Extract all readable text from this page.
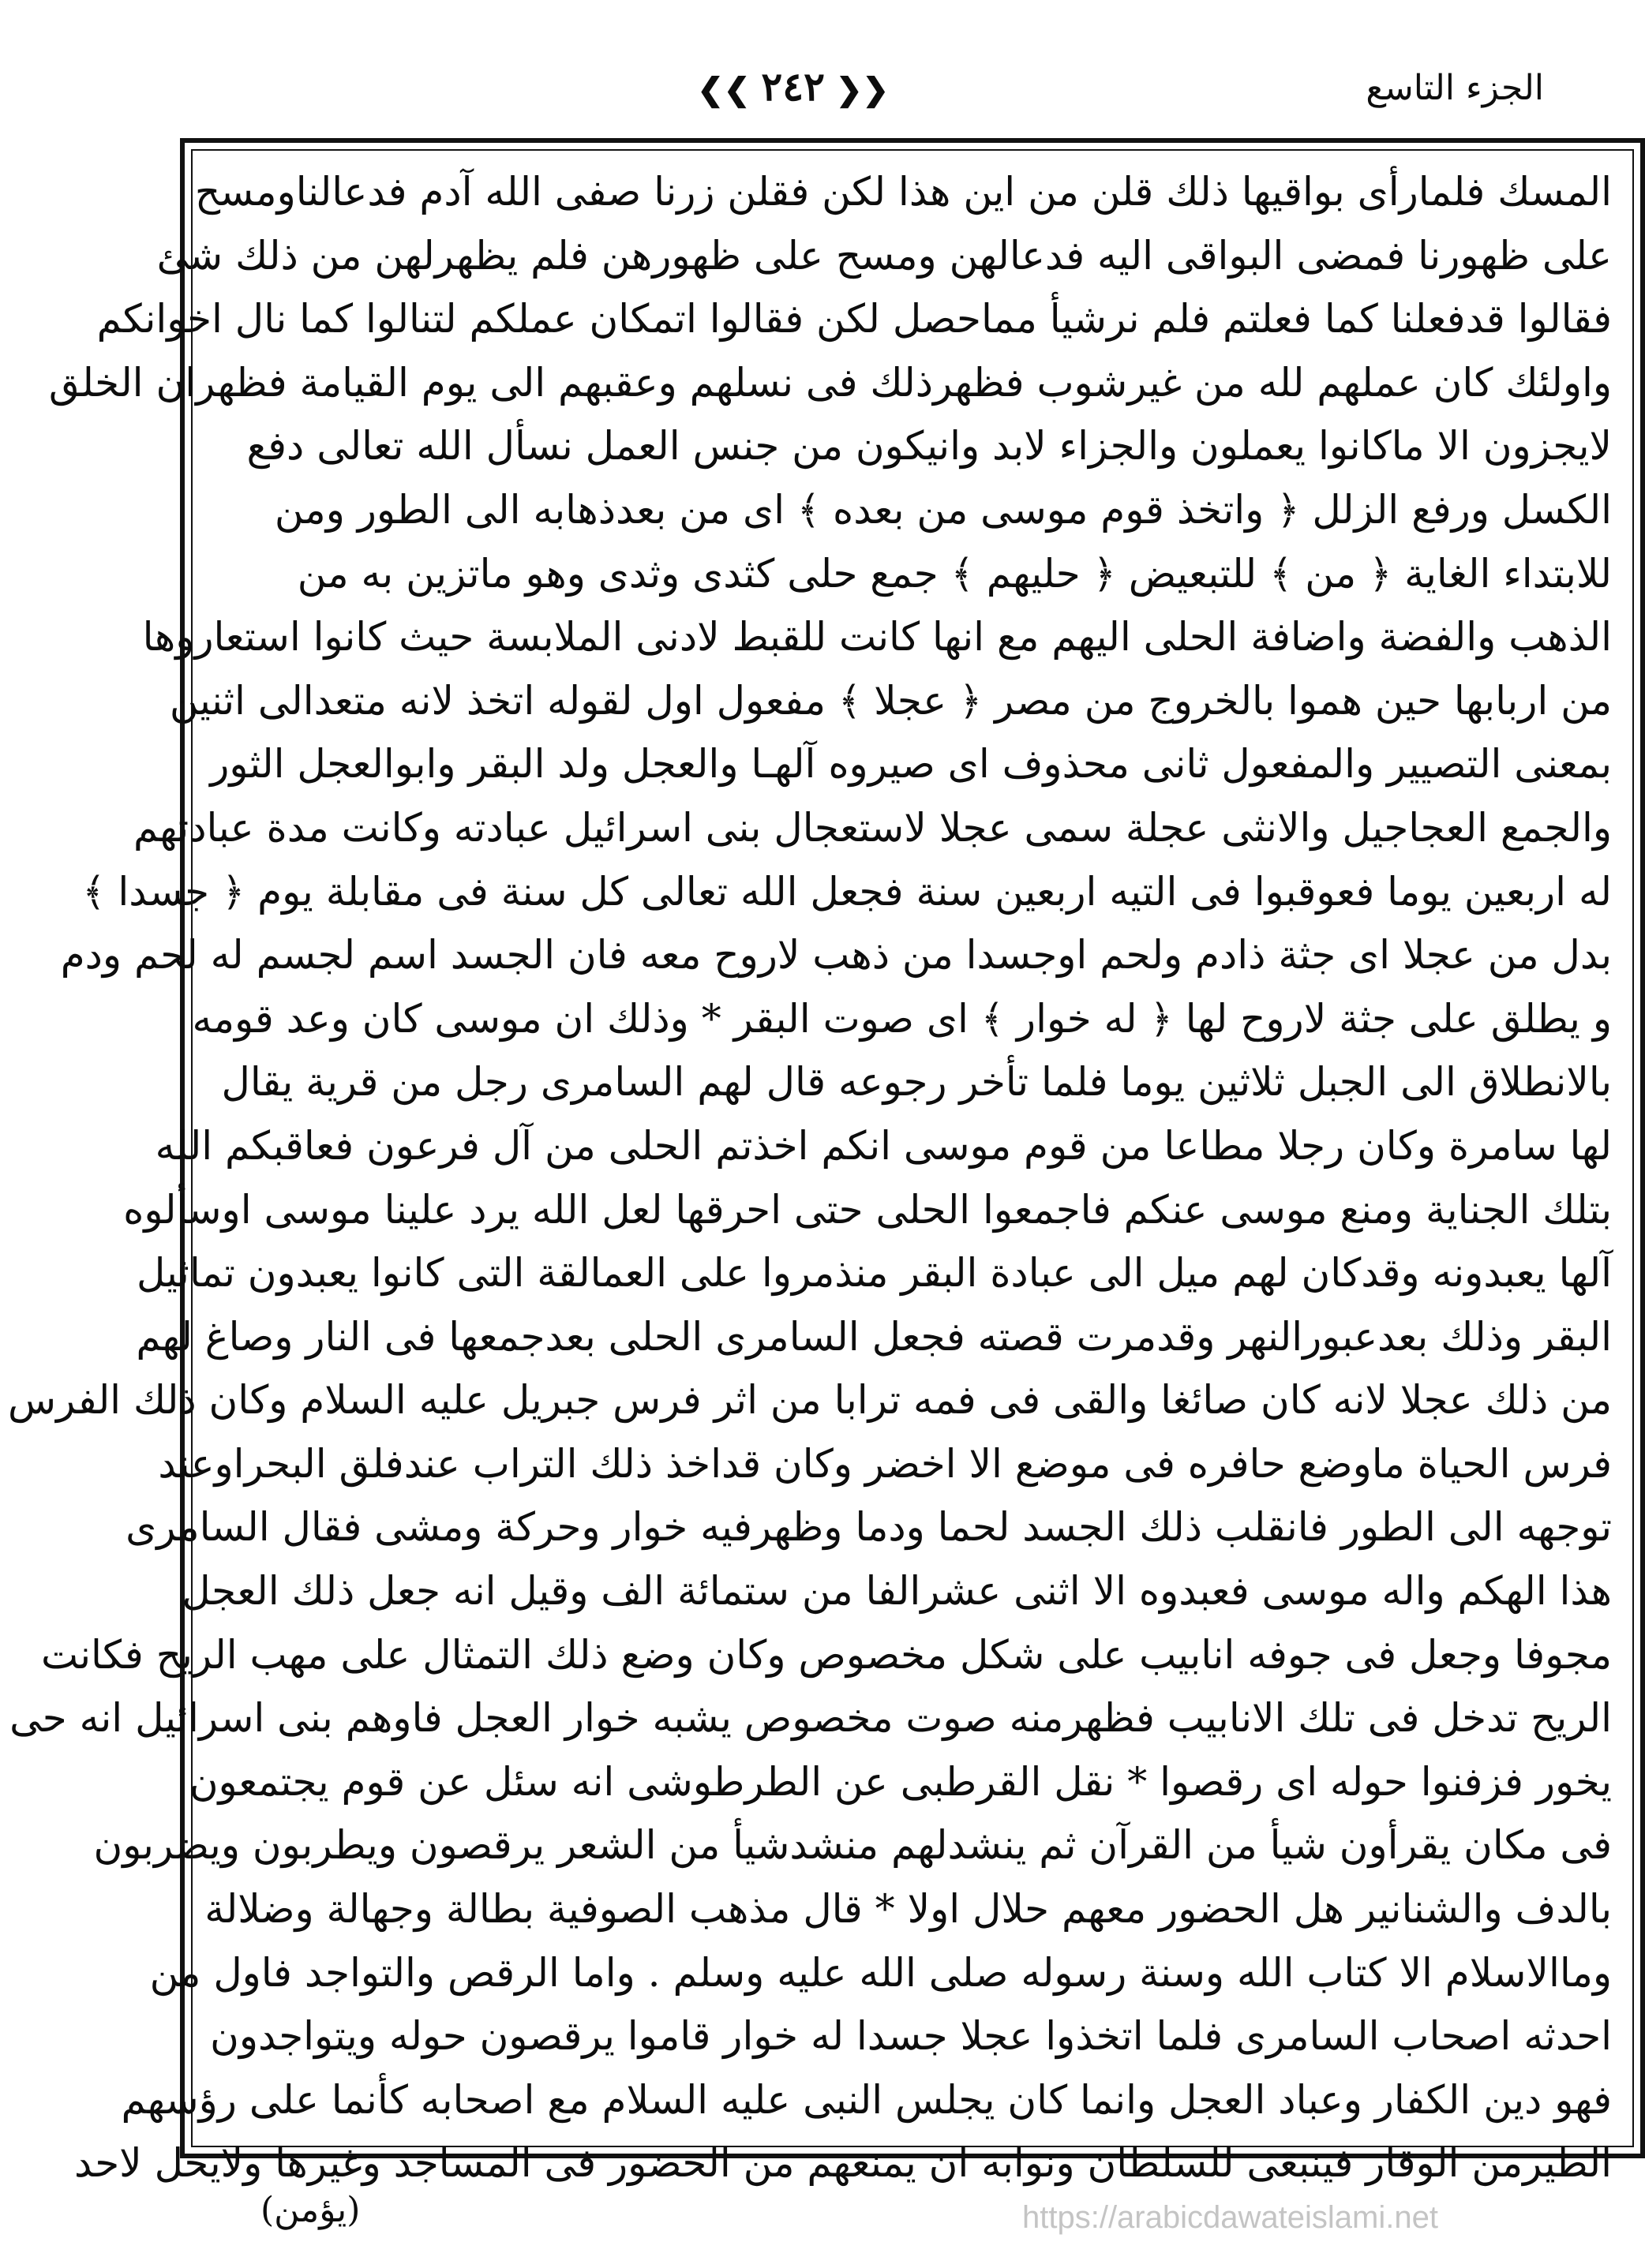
الجزء التاسع
❮❮٢٤٢❯❯
المسك فلمارأى بواقيها ذلك قلن من اين هذا لكن فقلن زرنا صفى الله آدم فدعالناومسح
على ظهورنا فمضى البواقى اليه فدعالهن ومسح على ظهورهن فلم يظهرلهن من ذلك شئ
فقالوا قدفعلنا كما فعلتم فلم نرشيأ مماحصل لكن فقالوا اتمكان عملكم لتنالوا كما نال اخوانكم
واولئك كان عملهم لله من غيرشوب فظهرذلك فى نسلهم وعقبهم الى يوم القيامة فظهران الخلق
لايجزون الا ماكانوا يعملون والجزاء لابد وانيكون من جنس العمل نسأل الله تعالى دفع
الكسل ورفع الزلل ﴿ واتخذ قوم موسى من بعده ﴾ اى من بعدذهابه الى الطور ومن
للابتداء الغاية ﴿ من ﴾ للتبعيض ﴿ حليهم ﴾ جمع حلى كثدى وثدى وهو ماتزين به من
الذهب والفضة واضافة الحلى اليهم مع انها كانت للقبط لادنى الملابسة حيث كانوا استعاروها
من اربابها حين هموا بالخروج من مصر ﴿ عجلا ﴾ مفعول اول لقوله اتخذ لانه متعدالى اثنين
بمعنى التصيير والمفعول ثانى محذوف اى صيروه آلهـا والعجل ولد البقر وابوالعجل الثور
والجمع العجاجيل والانثى عجلة سمى عجلا لاستعجال بنى اسرائيل عبادته وكانت مدة عبادتهم
له اربعين يوما فعوقبوا فى التيه اربعين سنة فجعل الله تعالى كل سنة فى مقابلة يوم ﴿ جسدا ﴾
بدل من عجلا اى جثة ذادم ولحم اوجسدا من ذهب لاروح معه فان الجسد اسم لجسم له لحم ودم
و يطلق على جثة لاروح لها ﴿ له خوار ﴾ اى صوت البقر * وذلك ان موسى كان وعد قومه
بالانطلاق الى الجبل ثلاثين يوما فلما تأخر رجوعه قال لهم السامرى رجل من قرية يقال
لها سامرة وكان رجلا مطاعا من قوم موسى انكم اخذتم الحلى من آل فرعون فعاقبكم الله
بتلك الجناية ومنع موسى عنكم فاجمعوا الحلى حتى احرقها لعل الله يرد علينا موسى اوسألوه
آلها يعبدونه وقدكان لهم ميل الى عبادة البقر منذمروا على العمالقة التى كانوا يعبدون تماثيل
البقر وذلك بعدعبورالنهر وقدمرت قصته فجعل السامرى الحلى بعدجمعها فى النار وصاغ لهم
من ذلك عجلا لانه كان صائغا والقى فى فمه ترابا من اثر فرس جبريل عليه السلام وكان ذلك الفرس
فرس الحياة ماوضع حافره فى موضع الا اخضر وكان قداخذ ذلك التراب عندفلق البحراوعند
توجهه الى الطور فانقلب ذلك الجسد لحما ودما وظهرفيه خوار وحركة ومشى فقال السامرى
هذا الهكم واله موسى فعبدوه الا اثنى عشرالفا من ستمائة الف وقيل انه جعل ذلك العجل
مجوفا وجعل فى جوفه انابيب على شكل مخصوص وكان وضع ذلك التمثال على مهب الريح فكانت
الريح تدخل فى تلك الانابيب فظهرمنه صوت مخصوص يشبه خوار العجل فاوهم بنى اسرائيل انه حى
يخور فزفنوا حوله اى رقصوا * نقل القرطبى عن الطرطوشى انه سئل عن قوم يجتمعون
فى مكان يقرأون شيأ من القرآن ثم ينشدلهم منشدشيأ من الشعر يرقصون ويطربون ويضربون
بالدف والشنانير هل الحضور معهم حلال اولا * قال مذهب الصوفية بطالة وجهالة وضلالة
وماالاسلام الا كتاب الله وسنة رسوله صلى الله عليه وسلم . واما الرقص والتواجد فاول من
احدثه اصحاب السامرى فلما اتخذوا عجلا جسدا له خوار قاموا يرقصون حوله ويتواجدون
فهو دين الكفار وعباد العجل وانما كان يجلس النبى عليه السلام مع اصحابه كأنما على رؤسهم
الطيرمن الوقار فينبغى للسلطان ونوابه ان يمنعهم من الحضور فى المساجد وغيرها ولايحل لاحد
(يؤمن)	https://arabicdawateislami.net
